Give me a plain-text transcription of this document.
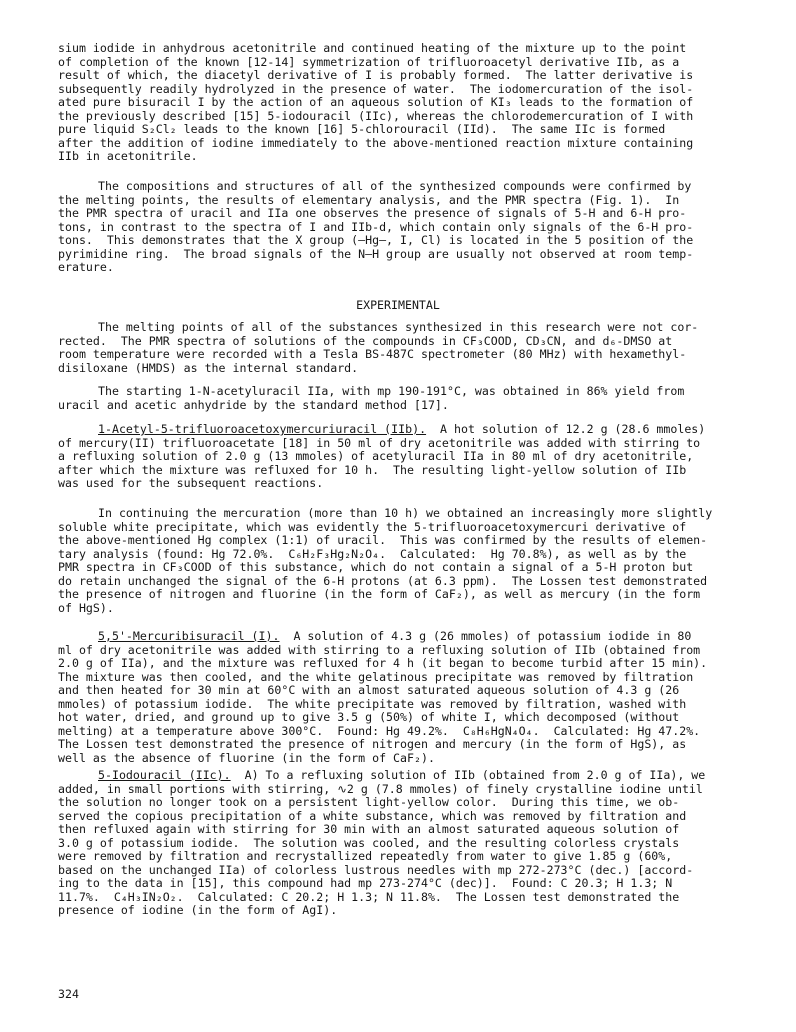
sium iodide in anhydrous acetonitrile and continued heating of the mixture up to the point
of completion of the known [12-14] symmetrization of trifluoroacetyl derivative IIb, as a
result of which, the diacetyl derivative of I is probably formed.  The latter derivative is
subsequently readily hydrolyzed in the presence of water.  The iodomercuration of the isol-
ated pure bisuracil I by the action of an aqueous solution of KI₃ leads to the formation of
the previously described [15] 5-iodouracil (IIc), whereas the chlorodemercuration of I with
pure liquid S₂Cl₂ leads to the known [16] 5-chlorouracil (IId).  The same IIc is formed
after the addition of iodine immediately to the above-mentioned reaction mixture containing
IIb in acetonitrile.
The compositions and structures of all of the synthesized compounds were confirmed by
the melting points, the results of elementary analysis, and the PMR spectra (Fig. 1).  In
the PMR spectra of uracil and IIa one observes the presence of signals of 5-H and 6-H pro-
tons, in contrast to the spectra of I and IIb-d, which contain only signals of the 6-H pro-
tons.  This demonstrates that the X group (—Hg—, I, Cl) is located in the 5 position of the
pyrimidine ring.  The broad signals of the N—H group are usually not observed at room temp-
erature.
EXPERIMENTAL
The melting points of all of the substances synthesized in this research were not cor-
rected.  The PMR spectra of solutions of the compounds in CF₃COOD, CD₃CN, and d₆-DMSO at
room temperature were recorded with a Tesla BS-487C spectrometer (80 MHz) with hexamethyl-
disiloxane (HMDS) as the internal standard.
The starting 1-N-acetyluracil IIa, with mp 190-191°C, was obtained in 86% yield from
uracil and acetic anhydride by the standard method [17].
1-Acetyl-5-trifluoroacetoxymercuriuracil (IIb).  A hot solution of 12.2 g (28.6 mmoles)
of mercury(II) trifluoroacetate [18] in 50 ml of dry acetonitrile was added with stirring to
a refluxing solution of 2.0 g (13 mmoles) of acetyluracil IIa in 80 ml of dry acetonitrile,
after which the mixture was refluxed for 10 h.  The resulting light-yellow solution of IIb
was used for the subsequent reactions.
In continuing the mercuration (more than 10 h) we obtained an increasingly more slightly
soluble white precipitate, which was evidently the 5-trifluoroacetoxymercuri derivative of
the above-mentioned Hg complex (1:1) of uracil.  This was confirmed by the results of elemen-
tary analysis (found: Hg 72.0%.  C₆H₂F₃Hg₂N₂O₄.  Calculated:  Hg 70.8%), as well as by the
PMR spectra in CF₃COOD of this substance, which do not contain a signal of a 5-H proton but
do retain unchanged the signal of the 6-H protons (at 6.3 ppm).  The Lossen test demonstrated
the presence of nitrogen and fluorine (in the form of CaF₂), as well as mercury (in the form
of HgS).
5,5'-Mercuribisuracil (I).  A solution of 4.3 g (26 mmoles) of potassium iodide in 80
ml of dry acetonitrile was added with stirring to a refluxing solution of IIb (obtained from
2.0 g of IIa), and the mixture was refluxed for 4 h (it began to become turbid after 15 min).
The mixture was then cooled, and the white gelatinous precipitate was removed by filtration
and then heated for 30 min at 60°C with an almost saturated aqueous solution of 4.3 g (26
mmoles) of potassium iodide.  The white precipitate was removed by filtration, washed with
hot water, dried, and ground up to give 3.5 g (50%) of white I, which decomposed (without
melting) at a temperature above 300°C.  Found: Hg 49.2%.  C₈H₆HgN₄O₄.  Calculated: Hg 47.2%.
The Lossen test demonstrated the presence of nitrogen and mercury (in the form of HgS), as
well as the absence of fluorine (in the form of CaF₂).
5-Iodouracil (IIc).  A) To a refluxing solution of IIb (obtained from 2.0 g of IIa), we
added, in small portions with stirring, ∿2 g (7.8 mmoles) of finely crystalline iodine until
the solution no longer took on a persistent light-yellow color.  During this time, we ob-
served the copious precipitation of a white substance, which was removed by filtration and
then refluxed again with stirring for 30 min with an almost saturated aqueous solution of
3.0 g of potassium iodide.  The solution was cooled, and the resulting colorless crystals
were removed by filtration and recrystallized repeatedly from water to give 1.85 g (60%,
based on the unchanged IIa) of colorless lustrous needles with mp 272-273°C (dec.) [accord-
ing to the data in [15], this compound had mp 273-274°C (dec)].  Found: C 20.3; H 1.3; N
11.7%.  C₄H₃IN₂O₂.  Calculated: C 20.2; H 1.3; N 11.8%.  The Lossen test demonstrated the
presence of iodine (in the form of AgI).
324
